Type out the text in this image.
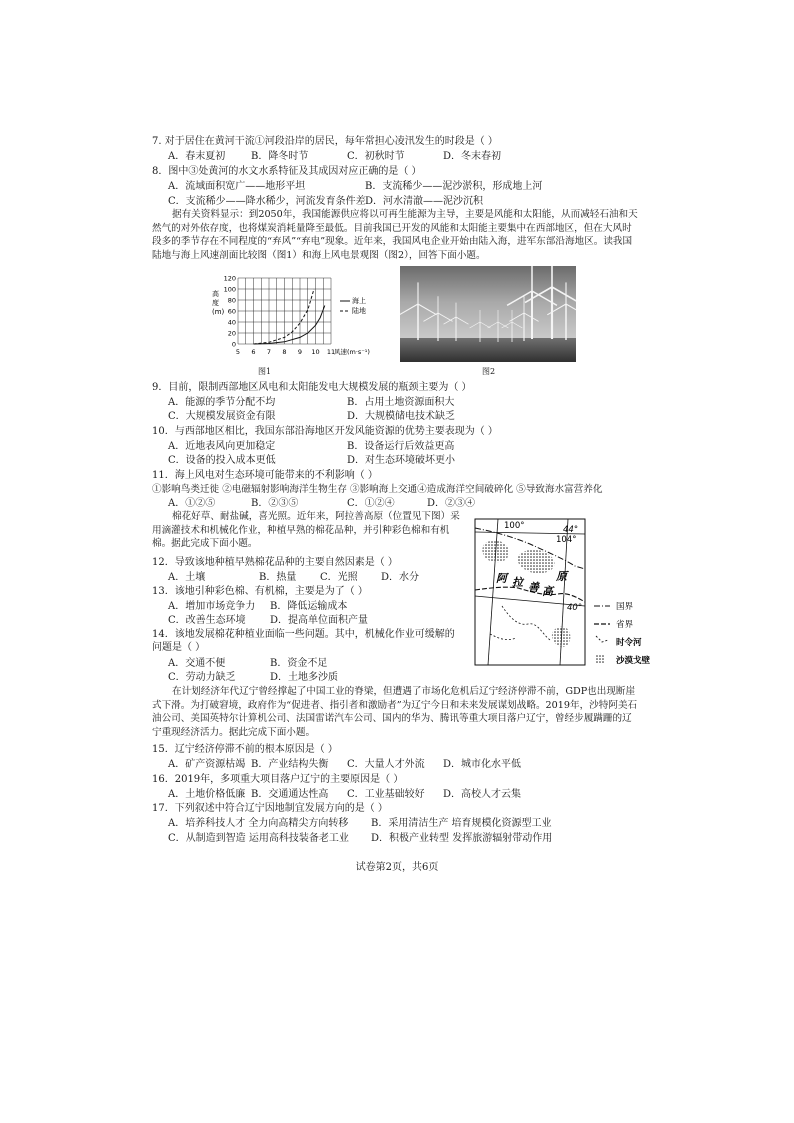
7. 对于居住在黄河干流①河段沿岸的居民，每年常担心凌汛发生的时段是（ ）
A．春末夏初	B．降冬时节	C．初秋时节	D．冬末春初
8．图中③处黄河的水文水系特征及其成因对应正确的是（ ）
A．流域面积宽广——地形平坦	B．支流稀少——泥沙淤积，形成地上河
C．支流稀少——降水稀少，河流发育条件差 D．河水清澈——泥沙沉积
据有关资料显示：到2050年，我国能源供应将以可再生能源为主导，主要是风能和太阳能，从而减轻石油和天然气的对外依存度，也将煤炭消耗量降至最低。目前我国已开发的风能和太阳能主要集中在西部地区，但在大风时段多的季节存在不同程度的“弃风”“弃电”现象。近年来，我国风电企业开始由陆入海，进军东部沿海地区。读我国陆地与海上风速剖面比较图（图1）和海上风电景观图（图2），回答下面小题。
120
100
80
60
40
20
0
5 6 7 8 9 10 11
高度(m)
风速(m·s⁻¹)
海上
陆地
图1	图2
9．目前，限制西部地区风电和太阳能发电大规模发展的瓶颈主要为（ ）
A．能源的季节分配不均	B．占用土地资源面积大
C．大规模发展资金有限	D．大规模储电技术缺乏
10．与西部地区相比，我国东部沿海地区开发风能资源的优势主要表现为（ ）
A．近地表风向更加稳定	B．设备运行后效益更高
C．设备的投入成本更低	D．对生态环境破坏更小
11．海上风电对生态环境可能带来的不利影响（ ）
①影响鸟类迁徙 ②电磁辐射影响海洋生物生存 ③影响海上交通④造成海洋空间破碎化 ⑤导致海水富营养化
A．①②⑤	B．②③⑤	C．①②④	D．②③④
棉花好草、耐盐碱，喜光照。近年来，阿拉善高原（位置见下图）采用滴灌技术和机械化作业，种植早熟的棉花品种，并引种彩色棉和有机棉。据此完成下面小题。
12．导致该地种植早熟棉花品种的主要自然因素是（ ）
A．土壤	B．热量 C．光照 D．水分
13．该地引种彩色棉、有机棉，主要是为了（ ）
A．增加市场竞争力 B．降低运输成本
C．改善生态环境 D．提高单位面积产量
14．该地发展棉花种植业面临一些问题。其中，机械化作业可缓解的问题是（ ）
A．交通不便	B．资金不足
C．劳动力缺乏	D．土地多沙质
100°	44°
104°
40°
阿 拉 善 高
原
国界
省界
时令河
沙漠戈壁
在计划经济年代辽宁曾经撑起了中国工业的脊梁，但遭遇了市场化危机后辽宁经济停滞不前，GDP也出现断崖式下滑。为打破窘境，政府作为“促进者、指引者和激励者”为辽宁今日和未来发展谋划战略。2019年，沙特阿美石油公司、美国英特尔计算机公司、法国雷诺汽车公司、国内的华为、腾讯等重大项目落户辽宁，曾经步履蹒跚的辽宁重现经济活力。据此完成下面小题。
15．辽宁经济停滞不前的根本原因是（ ）
A．矿产资源枯竭 B．产业结构失衡 C．大量人才外流 D．城市化水平低
16．2019年，多项重大项目落户辽宁的主要原因是（ ）
A．土地价格低廉 B．交通通达性高 C．工业基础较好 D．高校人才云集
17．下列叙述中符合辽宁因地制宜发展方向的是（ ）
A．培养科技人才 全力向高精尖方向转移 B．采用清洁生产 培育规模化资源型工业
C．从制造到智造 运用高科技装备老工业 D．积极产业转型 发挥旅游辐射带动作用
试卷第2页，共6页
